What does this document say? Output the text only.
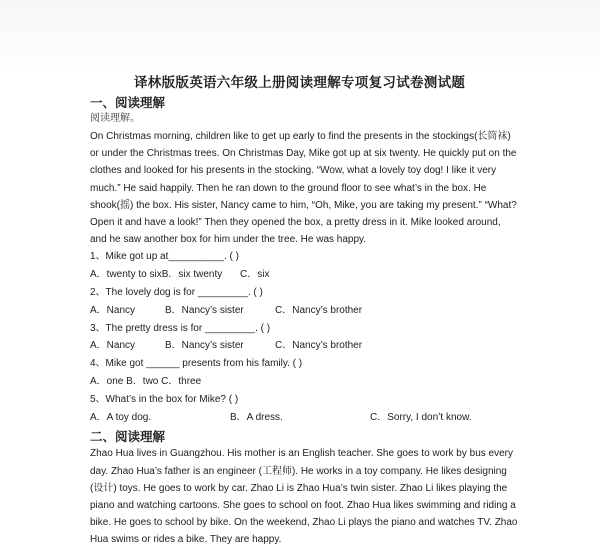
译林版版英语六年级上册阅读理解专项复习试卷测试题
一、阅读理解
阅读理解。

On Christmas morning, children like to get up early to find the presents in the stockings(长筒袜)

or under the Christmas trees. On Christmas Day, Mike got up at six twenty. He quickly put on the

clothes and looked for his presents in the stocking. “Wow, what a lovely toy dog! I like it very

much.” He said happily. Then he ran down to the ground floor to see what’s in the box. He

shook(摇) the box. His sister, Nancy came to him, “Oh, Mike, you are taking my present.” “What?

Open it and have a look!” Then they opened the box, a pretty dress in it. Mike looked around,

and he saw another box for him under the tree. He was happy.

1、Mike got up at__________. ( )

A．twenty to sixB．six twenty	C．six

2、The lovely dog is for _________. ( )

A．Nancy	B．Nancy’s sister	C．Nancy’s brother

3、The pretty dress is for _________. ( )

A．Nancy	B．Nancy’s sister	C．Nancy’s brother

4、Mike got ______ presents from his family. ( )

A．one B．two C．three

5、What’s in the box for Mike? ( )

A．A toy dog.	B．A dress.	C．Sorry, I don’t know.
二、阅读理解

Zhao Hua lives in Guangzhou. His mother is an English teacher. She goes to work by bus every

day. Zhao Hua’s father is an engineer (工程师). He works in a toy company. He likes designing

(设计) toys. He goes to work by car. Zhao Li is Zhao Hua’s twin sister. Zhao Li likes playing the

piano and watching cartoons. She goes to school on foot. Zhao Hua likes swimming and riding a

bike. He goes to school by bike. On the weekend, Zhao Li plays the piano and watches TV. Zhao

Hua swims or rides a bike. They are happy.
